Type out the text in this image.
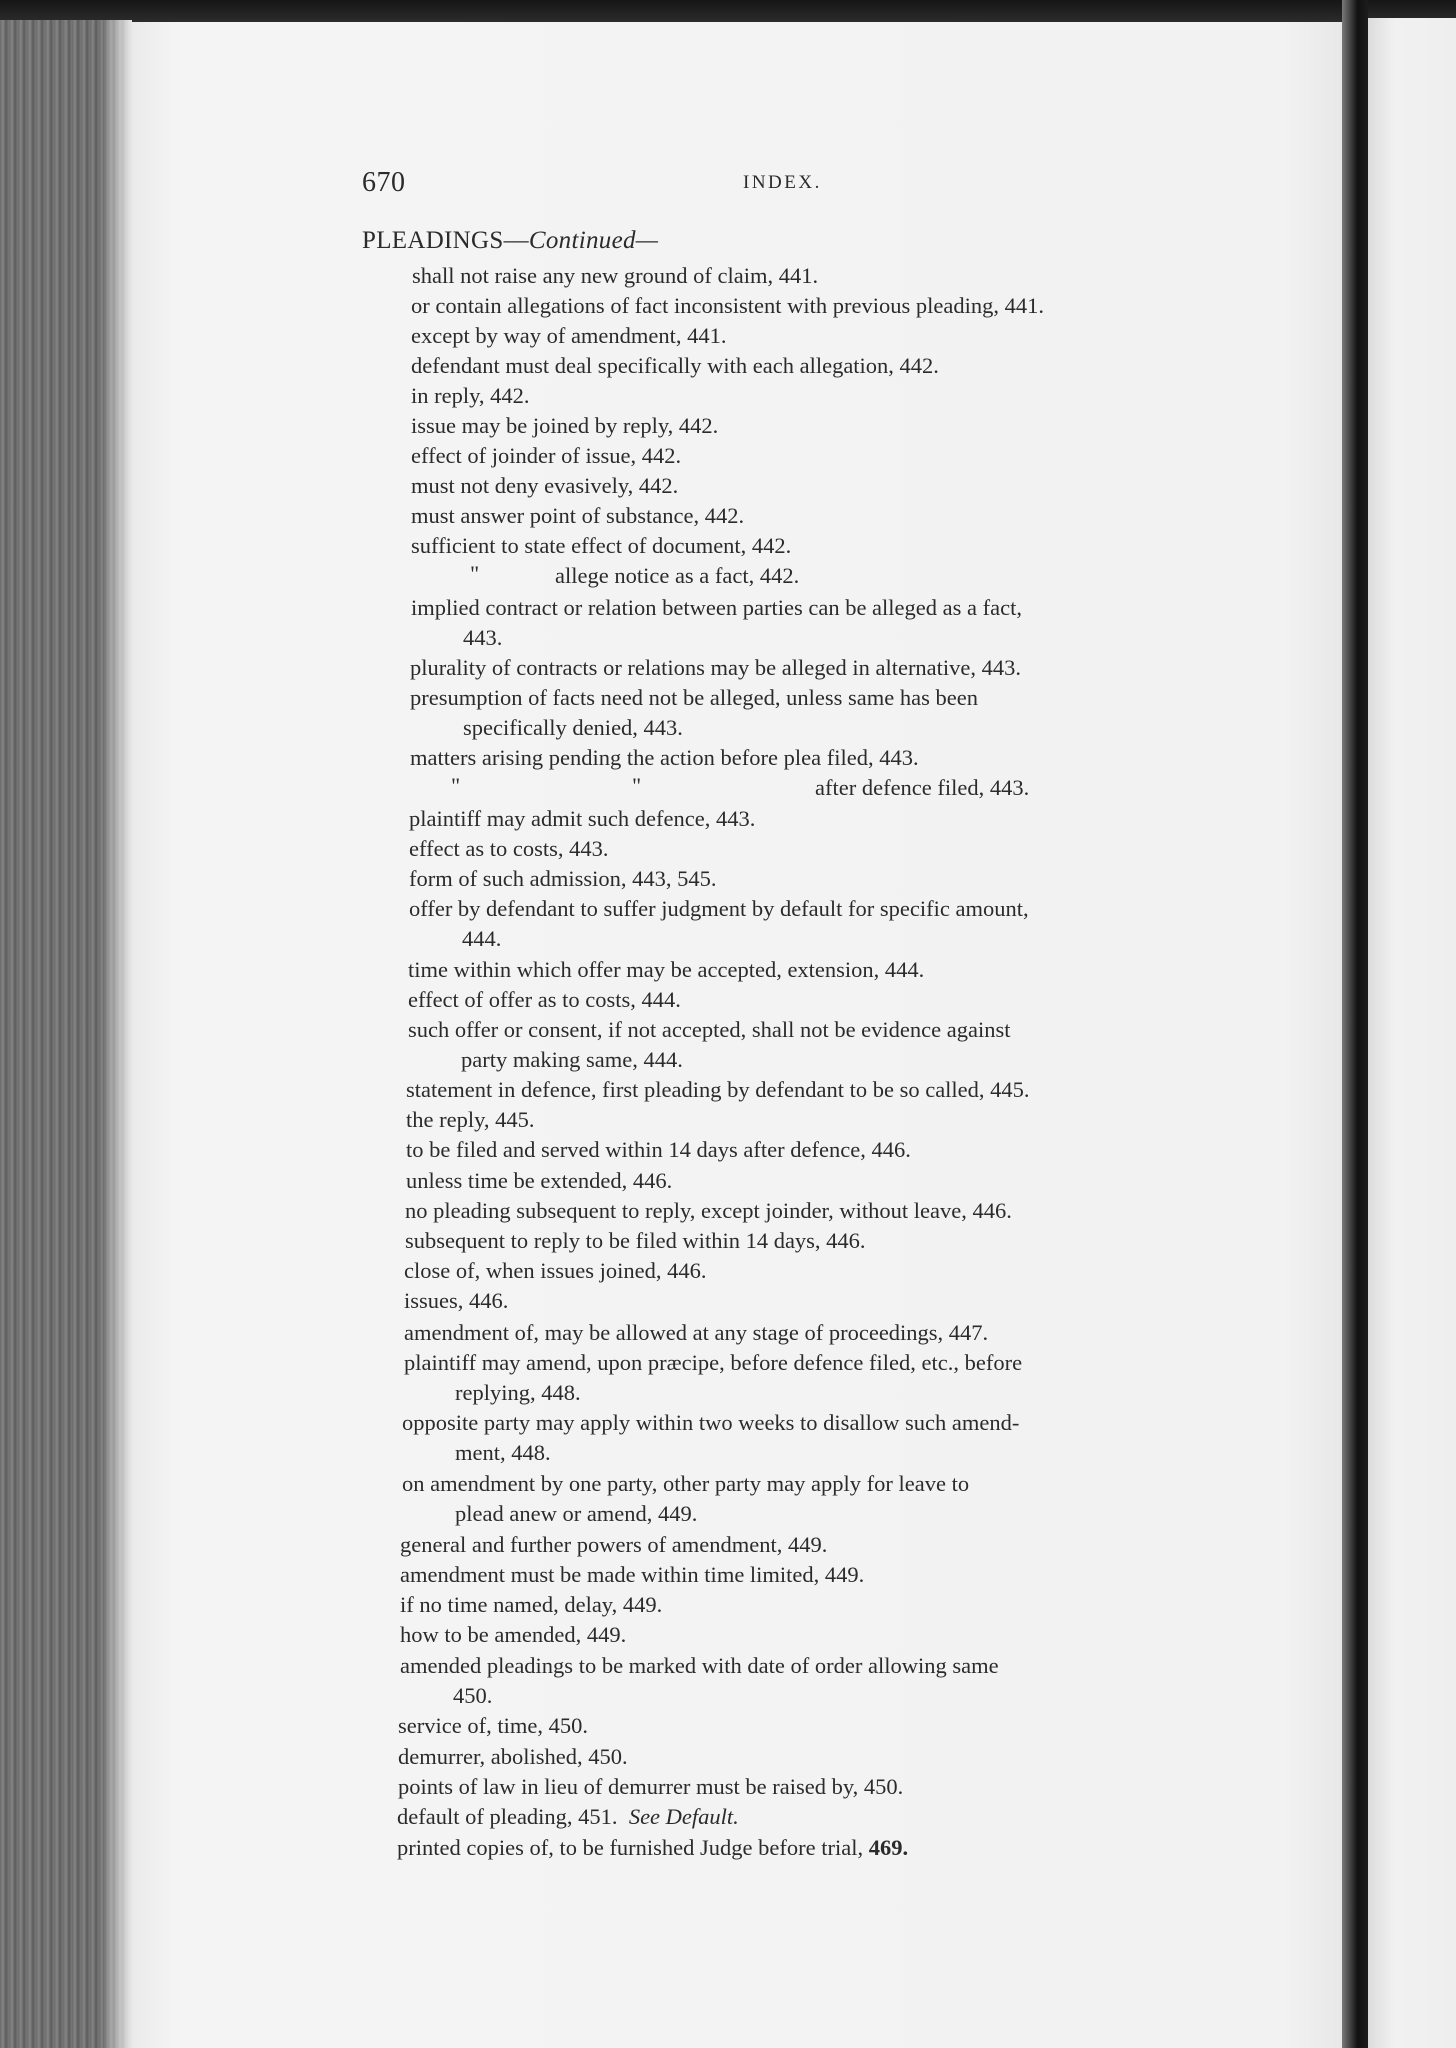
670	INDEX.
PLEADINGS—Continued—
shall not raise any new ground of claim, 441.
or contain allegations of fact inconsistent with previous pleading, 441.
except by way of amendment, 441.
defendant must deal specifically with each allegation, 442.
in reply, 442.
issue may be joined by reply, 442.
effect of joinder of issue, 442.
must not deny evasively, 442.
must answer point of substance, 442.
sufficient to state effect of document, 442.
"	allege notice as a fact, 442.
implied contract or relation between parties can be alleged as a fact,
443.
plurality of contracts or relations may be alleged in alternative, 443.
presumption of facts need not be alleged, unless same has been
specifically denied, 443.
matters arising pending the action before plea filed, 443.
"	"	after defence filed, 443.
plaintiff may admit such defence, 443.
effect as to costs, 443.
form of such admission, 443, 545.
offer by defendant to suffer judgment by default for specific amount,
444.
time within which offer may be accepted, extension, 444.
effect of offer as to costs, 444.
such offer or consent, if not accepted, shall not be evidence against
party making same, 444.
statement in defence, first pleading by defendant to be so called, 445.
the reply, 445.
to be filed and served within 14 days after defence, 446.
unless time be extended, 446.
no pleading subsequent to reply, except joinder, without leave, 446.
subsequent to reply to be filed within 14 days, 446.
close of, when issues joined, 446.
issues, 446.
amendment of, may be allowed at any stage of proceedings, 447.
plaintiff may amend, upon præcipe, before defence filed, etc., before
replying, 448.
opposite party may apply within two weeks to disallow such amend-
ment, 448.
on amendment by one party, other party may apply for leave to
plead anew or amend, 449.
general and further powers of amendment, 449.
amendment must be made within time limited, 449.
if no time named, delay, 449.
how to be amended, 449.
amended pleadings to be marked with date of order allowing same
450.
service of, time, 450.
demurrer, abolished, 450.
points of law in lieu of demurrer must be raised by, 450.
default of pleading, 451. See Default.
printed copies of, to be furnished Judge before trial, 469.
